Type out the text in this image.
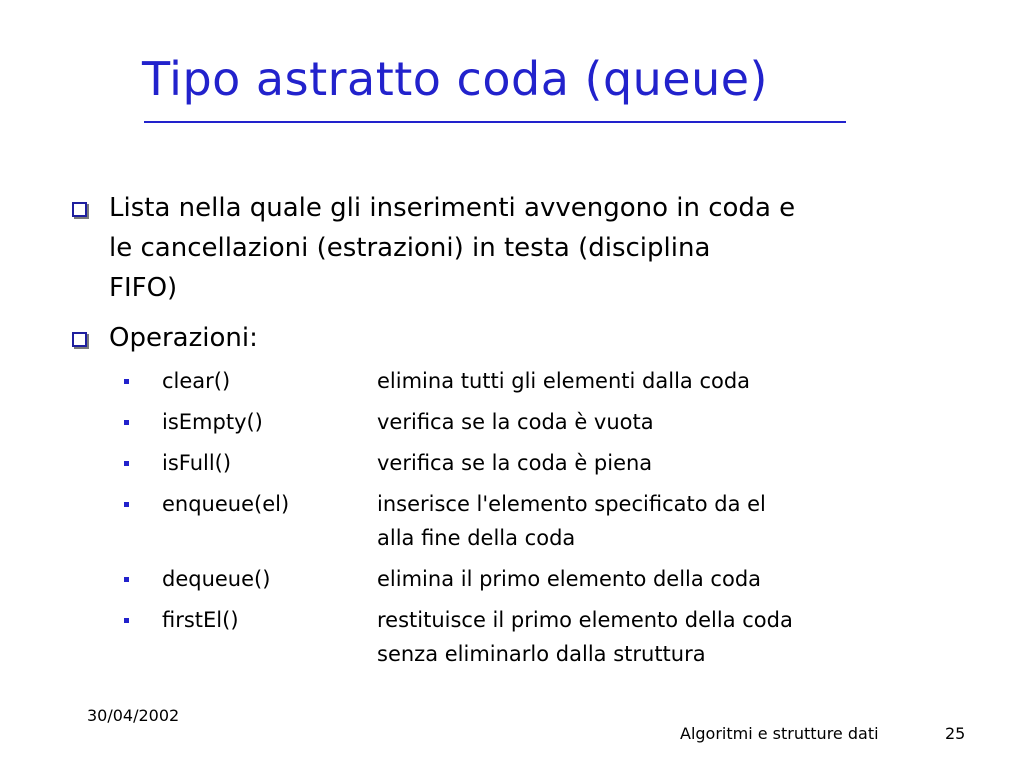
Tipo astratto coda (queue)
Lista nella quale gli inserimenti avvengono in coda e
le cancellazioni (estrazioni) in testa (disciplina
FIFO)
Operazioni:
clear()	elimina tutti gli elementi dalla coda
isEmpty()	verifica se la coda è vuota
isFull()	verifica se la coda è piena
enqueue(el)	inserisce l'elemento specificato da el
alla fine della coda
dequeue()	elimina il primo elemento della coda
firstEl()	restituisce il primo elemento della coda
senza eliminarlo dalla struttura
30/04/2002
Algoritmi e strutture dati	25
